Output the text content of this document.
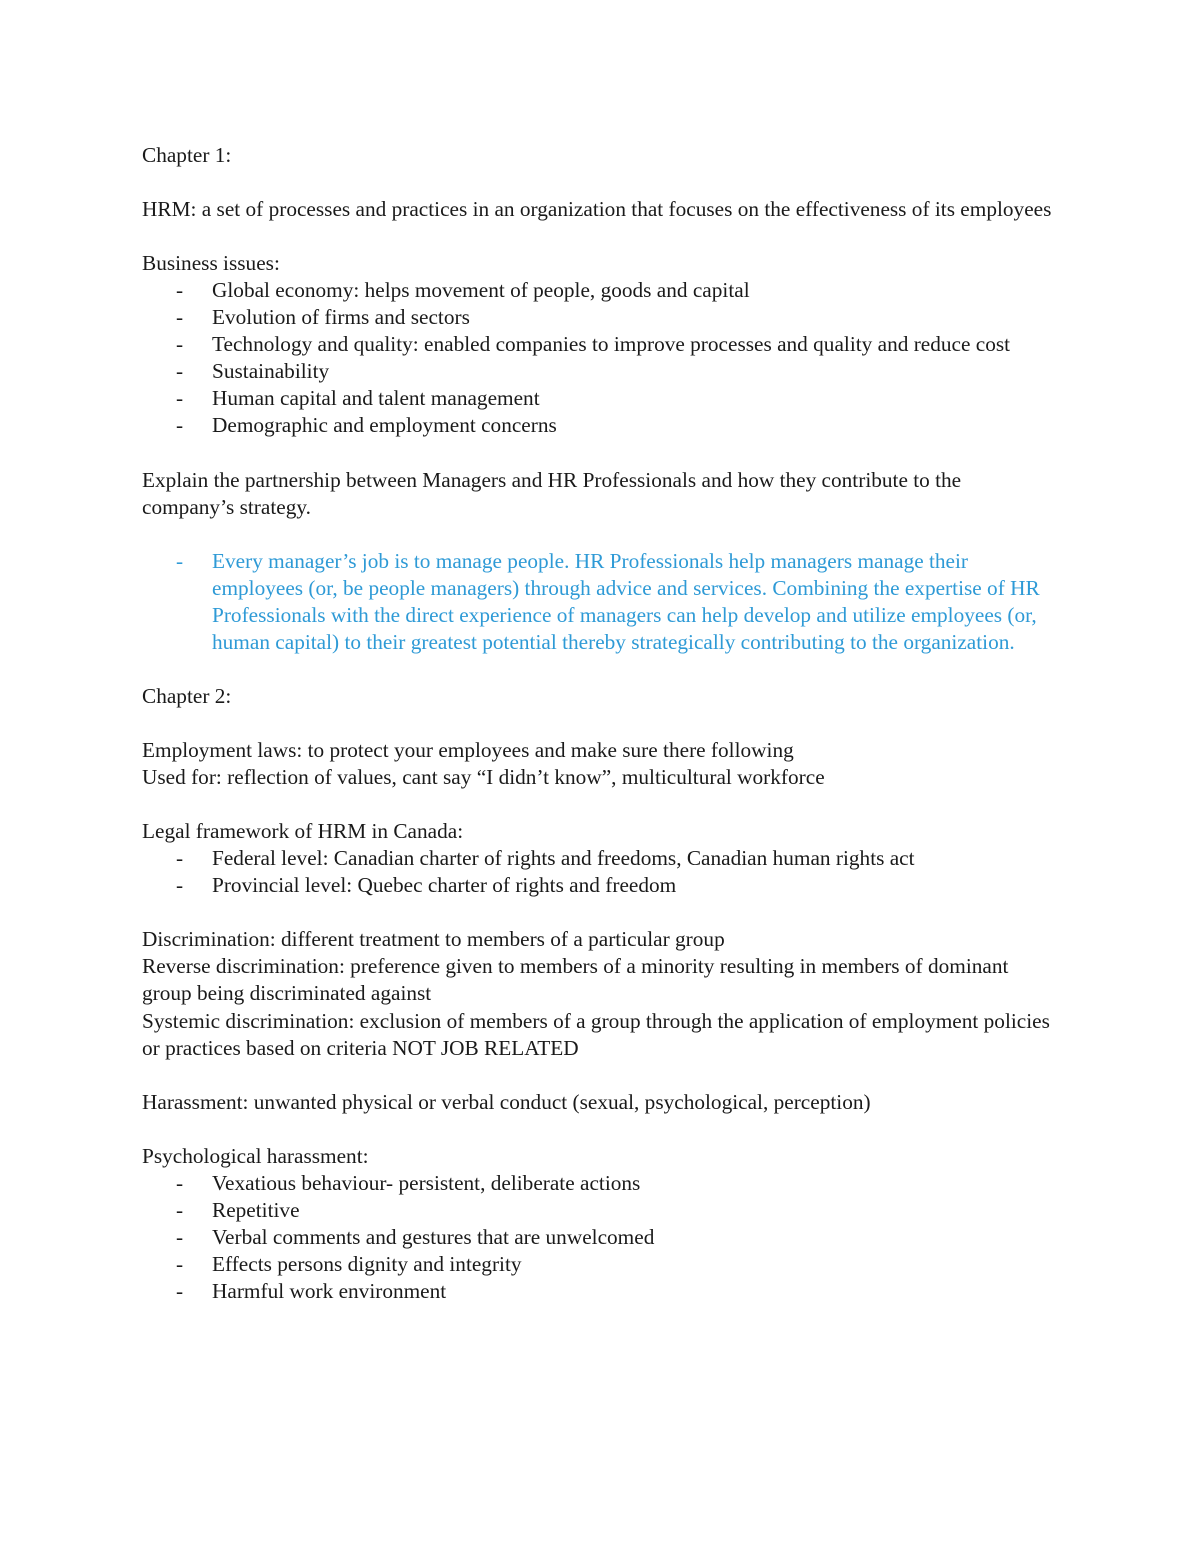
Chapter 1:

HRM: a set of processes and practices in an organization that focuses on the effectiveness of its employees

Business issues:

- Global economy: helps movement of people, goods and capital
- Evolution of firms and sectors
- Technology and quality: enabled companies to improve processes and quality and reduce cost
- Sustainability
- Human capital and talent management
- Demographic and employment concerns

Explain the partnership between Managers and HR Professionals and how they contribute to the company’s strategy.

- Every manager’s job is to manage people. HR Professionals help managers manage their employees (or, be people managers) through advice and services. Combining the expertise of HR Professionals with the direct experience of managers can help develop and utilize employees (or, human capital) to their greatest potential thereby strategically contributing to the organization.

Chapter 2:

Employment laws: to protect your employees and make sure there following

Used for: reflection of values, cant say “I didn’t know”, multicultural workforce

Legal framework of HRM in Canada:

- Federal level: Canadian charter of rights and freedoms, Canadian human rights act
- Provincial level: Quebec charter of rights and freedom

Discrimination: different treatment to members of a particular group

Reverse discrimination: preference given to members of a minority resulting in members of dominant group being discriminated against

Systemic discrimination: exclusion of members of a group through the application of employment policies or practices based on criteria NOT JOB RELATED

Harassment: unwanted physical or verbal conduct (sexual, psychological, perception)

Psychological harassment:

- Vexatious behaviour- persistent, deliberate actions
- Repetitive
- Verbal comments and gestures that are unwelcomed
- Effects persons dignity and integrity
- Harmful work environment
